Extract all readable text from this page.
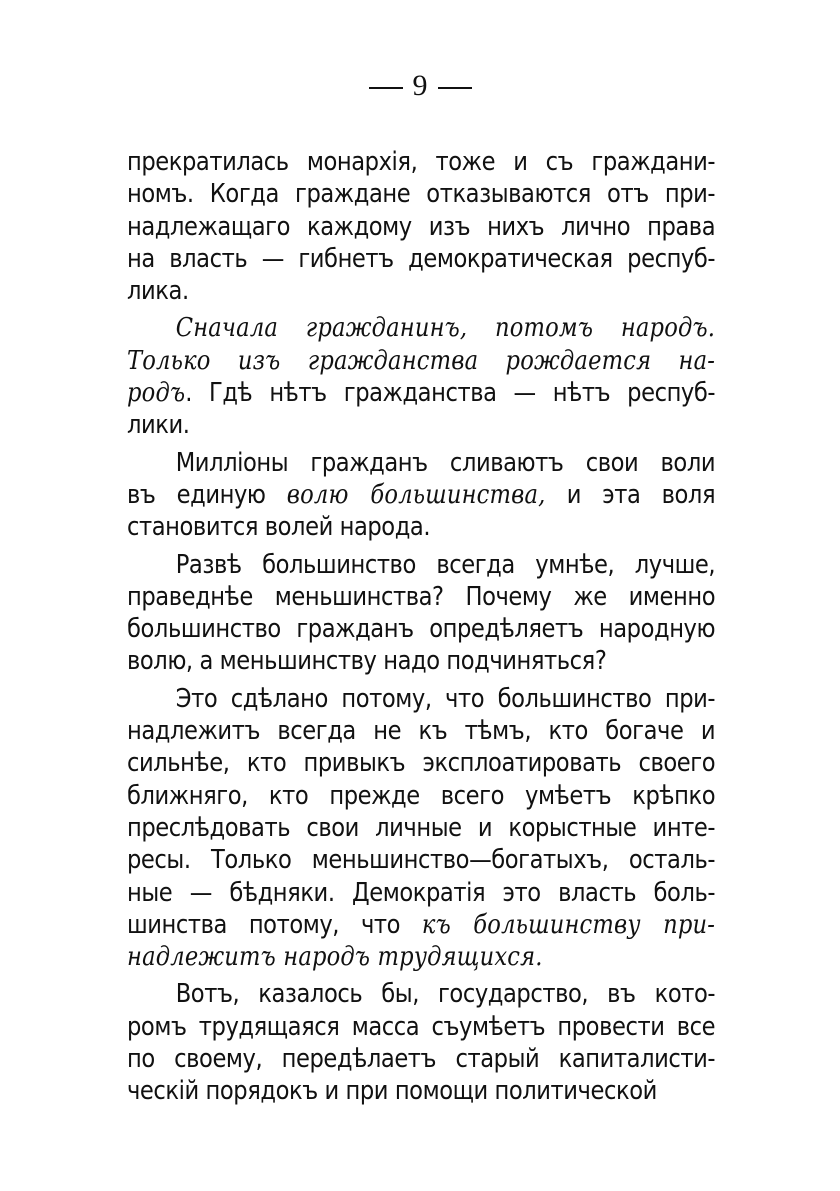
9
прекратилась монархія, тоже и съ граждани-
номъ. Когда граждане отказываются отъ при-
надлежащаго каждому изъ нихъ лично права
на власть — гибнетъ демократическая респуб-
лика.
Сначала гражданинъ, потомъ народъ.
Только изъ гражданства рождается на-
родъ. Гдѣ нѣтъ гражданства — нѣтъ респуб-
лики.
Милліоны гражданъ сливаютъ свои воли
въ единую волю большинства, и эта воля
становится волей народа.
Развѣ большинство всегда умнѣе, лучше,
праведнѣе меньшинства? Почему же именно
большинство гражданъ опредѣляетъ народную
волю, а меньшинству надо подчиняться?
Это сдѣлано потому, что большинство при-
надлежитъ всегда не къ тѣмъ, кто богаче и
сильнѣе, кто привыкъ эксплоатировать своего
ближняго, кто прежде всего умѣетъ крѣпко
преслѣдовать свои личные и корыстные инте-
ресы. Только меньшинство—богатыхъ, осталь-
ные — бѣдняки. Демократія это власть боль-
шинства потому, что къ большинству при-
надлежитъ народъ трудящихся.
Вотъ, казалось бы, государство, въ кото-
ромъ трудящаяся масса съумѣетъ провести все
по своему, передѣлаетъ старый капиталисти-
ческій порядокъ и при помощи политической
